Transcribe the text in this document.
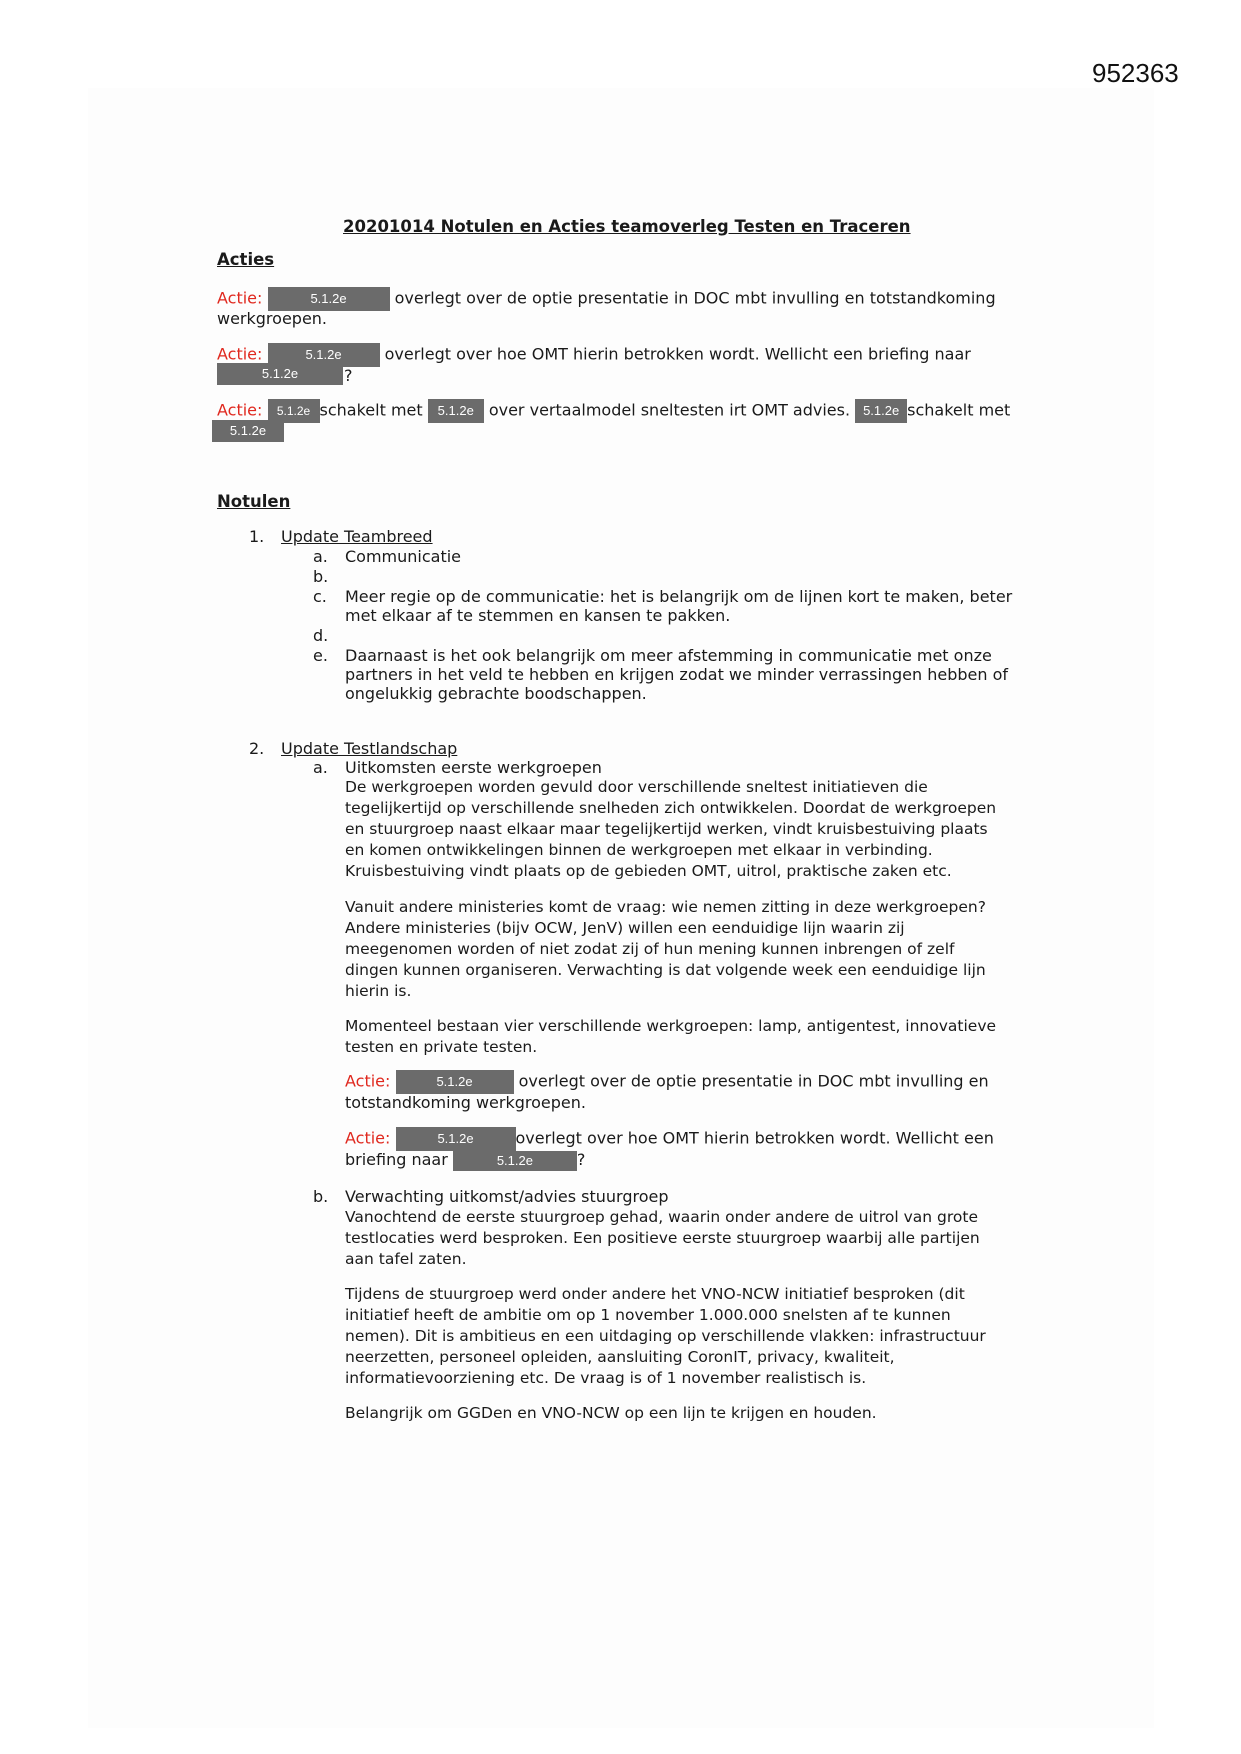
952363
20201014 Notulen en Acties teamoverleg Testen en Traceren
Acties
Actie:	5.1.2e	overlegt over de optie presentatie in DOC mbt invulling en totstandkoming
werkgroepen.
Actie:	5.1.2e	overlegt over hoe OMT hierin betrokken wordt. Wellicht een briefing naar
5.1.2e	?
Actie: 5.1.2e schakelt met 5.1.2e over vertaalmodel sneltesten irt OMT advies. 5.1.2e schakelt met
5.1.2e
Notulen
1. Update Teambreed
a. Communicatie
b.
c. Meer regie op de communicatie: het is belangrijk om de lijnen kort te maken, beter
met elkaar af te stemmen en kansen te pakken.
d.
e. Daarnaast is het ook belangrijk om meer afstemming in communicatie met onze
partners in het veld te hebben en krijgen zodat we minder verrassingen hebben of
ongelukkig gebrachte boodschappen.
2. Update Testlandschap
a. Uitkomsten eerste werkgroepen
De werkgroepen worden gevuld door verschillende sneltest initiatieven die
tegelijkertijd op verschillende snelheden zich ontwikkelen. Doordat de werkgroepen
en stuurgroep naast elkaar maar tegelijkertijd werken, vindt kruisbestuiving plaats
en komen ontwikkelingen binnen de werkgroepen met elkaar in verbinding.
Kruisbestuiving vindt plaats op de gebieden OMT, uitrol, praktische zaken etc.
Vanuit andere ministeries komt de vraag: wie nemen zitting in deze werkgroepen?
Andere ministeries (bijv OCW, JenV) willen een eenduidige lijn waarin zij
meegenomen worden of niet zodat zij of hun mening kunnen inbrengen of zelf
dingen kunnen organiseren. Verwachting is dat volgende week een eenduidige lijn
hierin is.
Momenteel bestaan vier verschillende werkgroepen: lamp, antigentest, innovatieve
testen en private testen.
Actie:	5.1.2e	overlegt over de optie presentatie in DOC mbt invulling en
totstandkoming werkgroepen.
Actie:	5.1.2e	overlegt over hoe OMT hierin betrokken wordt. Wellicht een
briefing naar	5.1.2e	?
b. Verwachting uitkomst/advies stuurgroep
Vanochtend de eerste stuurgroep gehad, waarin onder andere de uitrol van grote
testlocaties werd besproken. Een positieve eerste stuurgroep waarbij alle partijen
aan tafel zaten.
Tijdens de stuurgroep werd onder andere het VNO-NCW initiatief besproken (dit
initiatief heeft de ambitie om op 1 november 1.000.000 snelsten af te kunnen
nemen). Dit is ambitieus en een uitdaging op verschillende vlakken: infrastructuur
neerzetten, personeel opleiden, aansluiting CoronIT, privacy, kwaliteit,
informatievoorziening etc. De vraag is of 1 november realistisch is.
Belangrijk om GGDen en VNO-NCW op een lijn te krijgen en houden.
